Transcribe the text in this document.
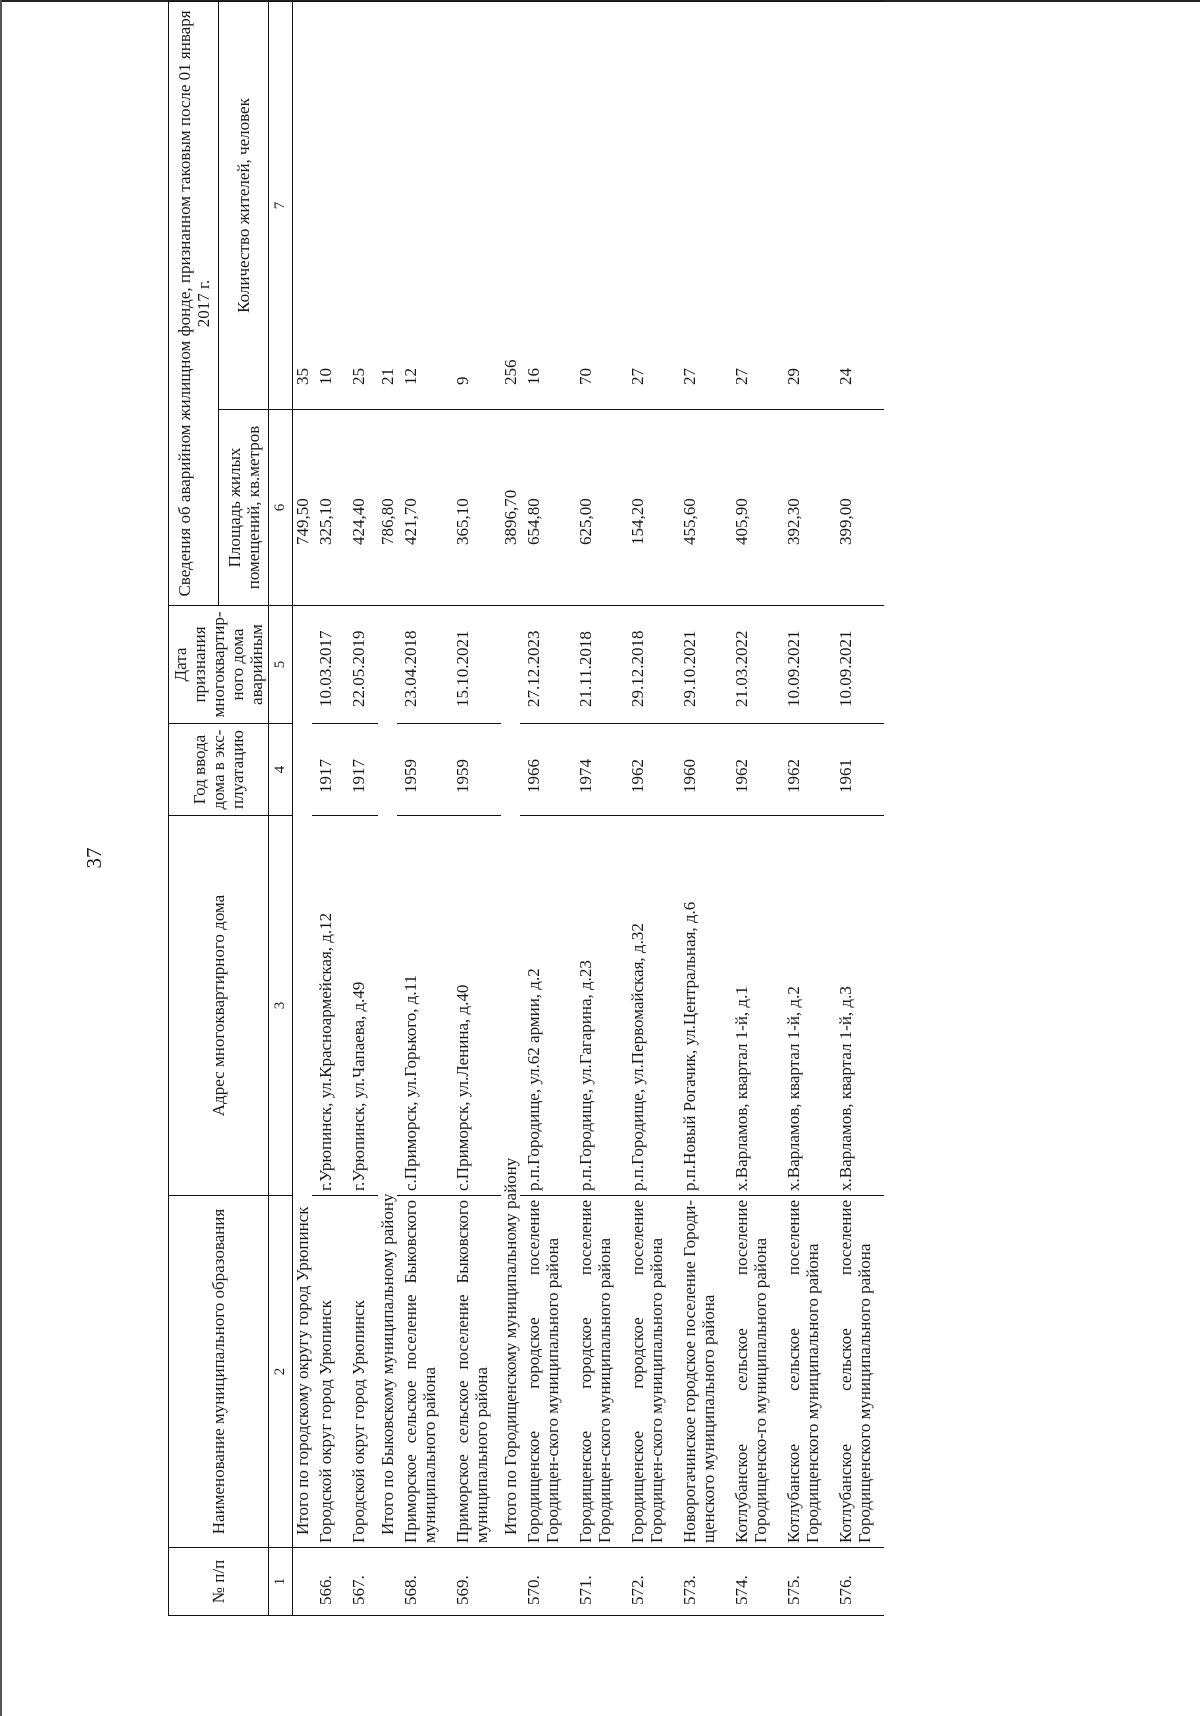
37
№ п/п	Наименование муниципального образования	Адрес многоквартирного дома	Год ввода дома в экс-плуатацию	Дата признания многоквартир-ного дома аварийным	Сведения об аварийном жилищном фонде, признанном таковым после 01 января 2017 г.	
					Площадь жилых помещений, кв.метров	Количество жителей, человек
1	2	3	4	5	6	7
	Итого по городскому округу город Урюпинск				749,50	35
566.	Городской округ город Урюпинск	г.Урюпинск, ул.Красноармейская, д.12	1917	10.03.2017	325,10	10
567.	Городской округ город Урюпинск	г.Урюпинск, ул.Чапаева, д.49	1917	22.05.2019	424,40	25
	Итого по Быковскому муниципальному району				786,80	21
568.	Приморское сельское поселение Быковского муниципального района	с.Приморск, ул.Горького, д.11	1959	23.04.2018	421,70	12
569.	Приморское сельское поселение Быковского муниципального района	с.Приморск, ул.Ленина, д.40	1959	15.10.2021	365,10	9
	Итого по Городищенскому муниципальному району				3896,70	256
570.	Городищенское городское поселение Городищен-ского муниципального района	р.п.Городище, ул.62 армии, д.2	1966	27.12.2023	654,80	16
571.	Городищенское городское поселение Городищен-ского муниципального района	р.п.Городище, ул.Гагарина, д.23	1974	21.11.2018	625,00	70
572.	Городищенское городское поселение Городищен-ского муниципального района	р.п.Городище, ул.Первомайская, д.32	1962	29.12.2018	154,20	27
573.	Новорогачинское городское поселение Городи-щенского муниципального района	р.п.Новый Рогачик, ул.Центральная, д.6	1960	29.10.2021	455,60	27
574.	Котлубанское сельское поселение Городищенско-го муниципального района	х.Варламов, квартал 1-й, д.1	1962	21.03.2022	405,90	27
575.	Котлубанское сельское поселение Городищенского муниципального района	х.Варламов, квартал 1-й, д.2	1962	10.09.2021	392,30	29
576.	Котлубанское сельское поселение Городищенского муниципального района	х.Варламов, квартал 1-й, д.3	1961	10.09.2021	399,00	24
